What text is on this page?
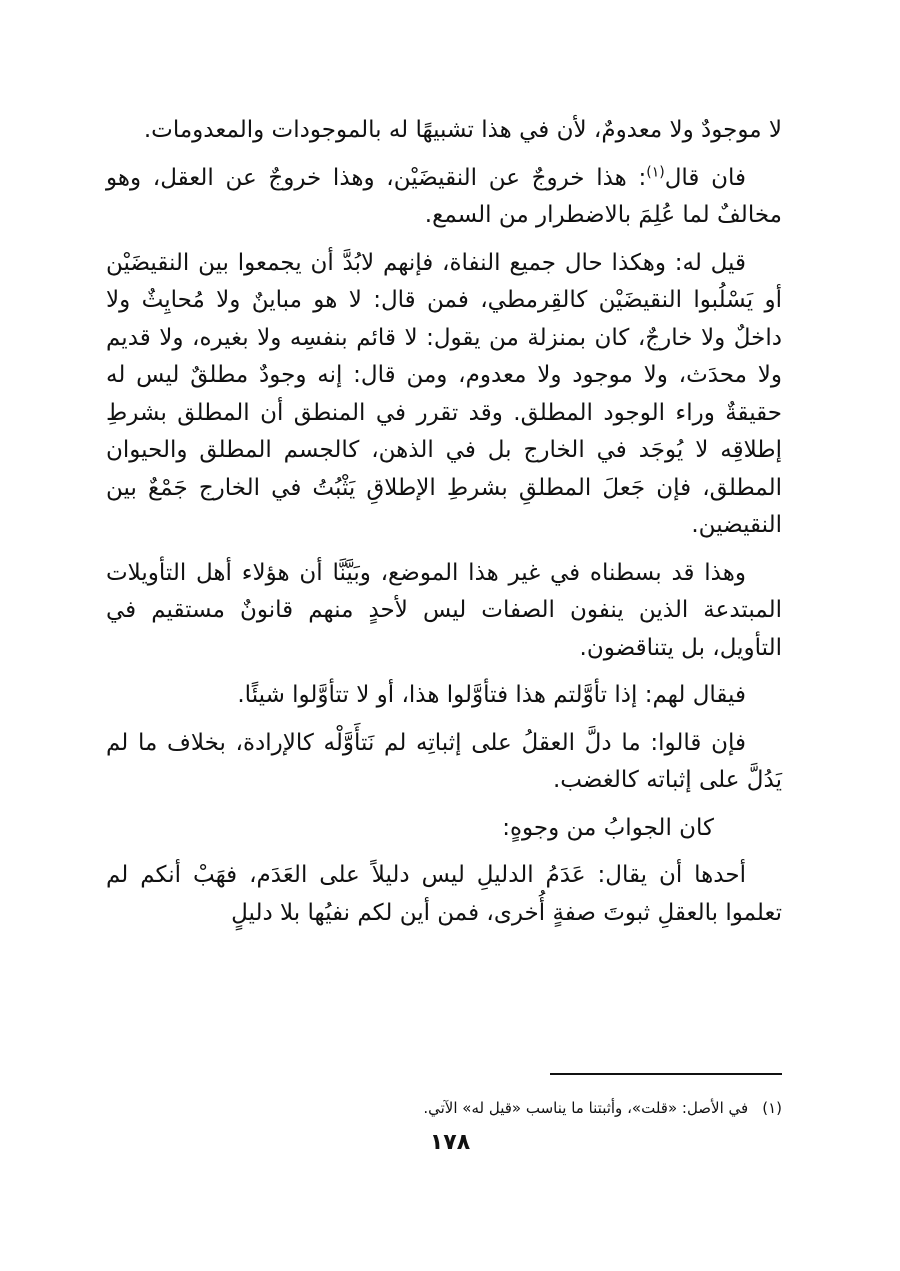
لا موجودٌ ولا معدومٌ، لأن في هذا تشبيهًا له بالموجودات والمعدومات.

فان قال$^{(١)}$: هذا خروجٌ عن النقيضَيْن، وهذا خروجٌ عن العقل، وهو مخالفٌ لما عُلِمَ بالاضطرار من السمع.

قيل له: وهكذا حال جميع النفاة، فإنهم لابُدَّ أن يجمعوا بين النقيضَيْن أو يَسْلُبوا النقيضَيْن كالقِرمطي، فمن قال: لا هو مباينٌ ولا مُحايِثٌ ولا داخلٌ ولا خارجٌ، كان بمنزلة من يقول: لا قائم بنفسِه ولا بغيره، ولا قديم ولا محدَث، ولا موجود ولا معدوم، ومن قال: إنه وجودٌ مطلقٌ ليس له حقيقةٌ وراء الوجود المطلق. وقد تقرر في المنطق أن المطلق بشرطِ إطلاقِه لا يُوجَد في الخارج بل في الذهن، كالجسم المطلق والحيوان المطلق، فإن جَعلَ المطلقِ بشرطِ الإطلاقِ يَثْبُتُ في الخارج جَمْعٌ بين النقيضين.

وهذا قد بسطناه في غير هذا الموضع، وبَيَّنَّا أن هؤلاء أهل التأويلات المبتدعة الذين ينفون الصفات ليس لأحدٍ منهم قانونٌ مستقيم في التأويل، بل يتناقضون.

فيقال لهم: إذا تأوَّلتم هذا فتأوَّلوا هذا، أو لا تتأوَّلوا شيئًا.

فإن قالوا: ما دلَّ العقلُ على إثباتِه لم نَتأَوَّلْه كالإرادة، بخلاف ما لم يَدُلَّ على إثباته كالغضب.

كان الجوابُ من وجوهٍ:

أحدها أن يقال: عَدَمُ الدليلِ ليس دليلاً على العَدَم، فهَبْ أنكم لم تعلموا بالعقلِ ثبوتَ صفةٍ أُخرى، فمن أين لكم نفيُها بلا دليلٍ

(١)في الأصل: «قلت»، وأثبتنا ما يناسب «قيل له» الآتي.
١٧٨
